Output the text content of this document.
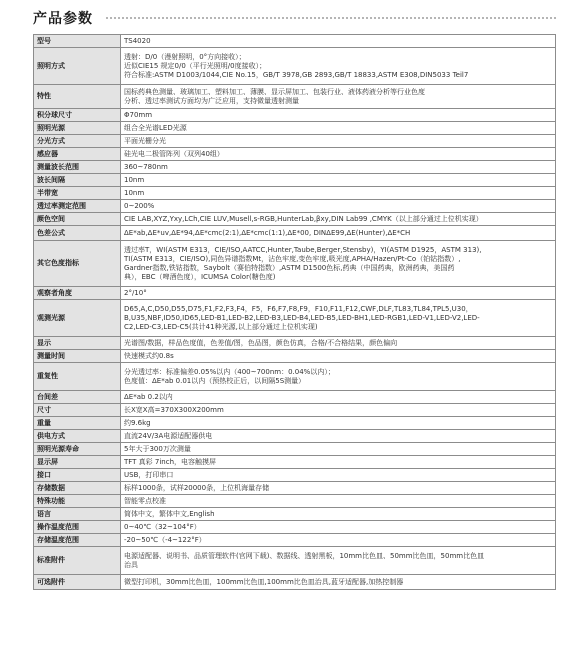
产品参数
型号	TS4020

照明方式	透射：D/0（漫射照明，0°方向接收）；
近似CIE15 规定0/0（平行光照明/0度接收）；
符合标准:ASTM D1003/1044,CIE No.15，GB/T 3978,GB 2893,GB/T 18833,ASTM E308,DIN5033 Teil7

特性	国标药典色测量、玻璃加工、塑料加工、薄膜、显示屏加工、包装行业、液体药液分析等行业色度
分析、透过率测试方面均为广泛应用，支持微量透射测量

积分球尺寸	Φ70mm

照明光源	组合全光谱LED光源

分光方式	平面光栅分光

感应器	硅光电二极管阵列（双列40组）

测量波长范围	360~780nm

波长间隔	10nm

半带宽	10nm

透过率测定范围	0~200%

颜色空间	CIE LAB,XYZ,Yxy,LCh,CIE LUV,Musell,s-RGB,HunterLab,βxy,DIN Lab99 ,CMYK（以上部分通过上位机实现）

色差公式	ΔE*ab,ΔE*uv,ΔE*94,ΔE*cmc(2:1),ΔE*cmc(1:1),ΔE*00, DINΔE99,ΔE(Hunter),ΔE*CH

其它色度指标	透过率T，WI(ASTM E313，CIE/ISO,AATCC,Hunter,Taube,Berger,Stensby)，YI(ASTM D1925，ASTM 313),
TI(ASTM E313，CIE/ISO),同色异谱指数Mt，沾色牢度,变色牢度,吸光度,APHA/Hazen/Pt-Co（铂钴指数）,
Gardner指数,铁钴指数，Saybolt（赛伯特指数）,ASTM D1500色标,药典（中国药典，欧洲药典，美国药
典），EBC（啤酒色度），ICUMSA Color(糖色度)

观察者角度	2°/10°

观测光源	D65,A,C,D50,D55,D75,F1,F2,F3,F4，F5，F6,F7,F8,F9，F10,F11,F12,CWF,DLF,TL83,TL84,TPL5,U30，
B,U35,NBF,ID50,ID65,LED-B1,LED-B2,LED-B3,LED-B4,LED-B5,LED-BH1,LED-RGB1,LED-V1,LED-V2,LED-
C2,LED-C3,LED-C5(共计41种光源,以上部分通过上位机实现)

显示	光谱图/数据，样品色度值，色差值/图，色品图，颜色仿真，合格/不合格结果，颜色偏向

测量时间	快速模式约0.8s

重复性	分光透过率：标准偏差0.05%以内（400~700nm：0.04%以内）；
色度值：ΔE*ab 0.01以内（预热校正后，以间隔5S测量）

台间差	ΔE*ab 0.2以内

尺寸	长X宽X高=370X300X200mm

重量	约9.6kg

供电方式	直流24V/3A电源适配器供电

照明光源寿命	5年大于300万次测量

显示屏	TFT 真彩 7inch，电容触摸屏

接口	USB，打印串口

存储数据	标样1000条，试样20000条，上位机海量存储

特殊功能	智能零点校准

语言	简体中文，繁体中文,English

操作温度范围	0~40℃（32~104°F）

存储温度范围	-20~50℃（-4~122°F）

标准附件	电源适配器、说明书、品质管理软件(官网下载)、数据线、透射黑板，10mm比色皿、50mm比色皿，50mm比色皿
治具

可选附件	微型打印机，30mm比色皿，100mm比色皿,100mm比色皿治具,蓝牙适配器,加热控制器
